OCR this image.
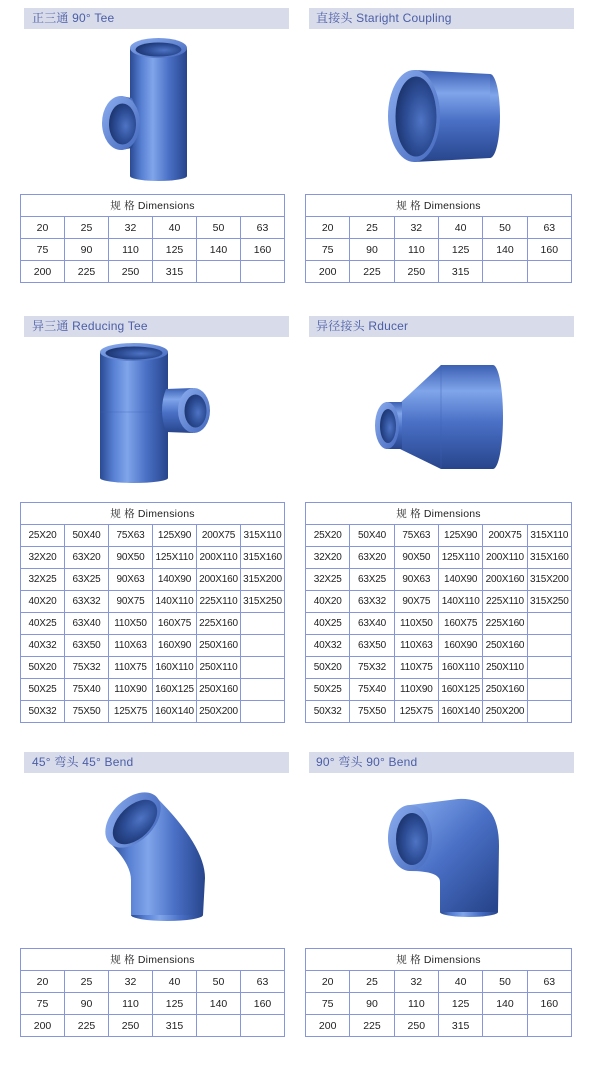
正三通 90° Tee
规 格 Dimensions					
20	25	32	40	50	63
75	90	110	125	140	160
200	225	250	315		
直接头 Staright Coupling
规 格 Dimensions					
20	25	32	40	50	63
75	90	110	125	140	160
200	225	250	315		
异三通 Reducing Tee
规 格 Dimensions					
25X20	50X40	75X63	125X90	200X75	315X110
32X20	63X20	90X50	125X110	200X110	315X160
32X25	63X25	90X63	140X90	200X160	315X200
40X20	63X32	90X75	140X110	225X110	315X250
40X25	63X40	110X50	160X75	225X160	
40X32	63X50	110X63	160X90	250X160	
50X20	75X32	110X75	160X110	250X110	
50X25	75X40	110X90	160X125	250X160	
50X32	75X50	125X75	160X140	250X200	
异径接头 Rducer
规 格 Dimensions					
25X20	50X40	75X63	125X90	200X75	315X110
32X20	63X20	90X50	125X110	200X110	315X160
32X25	63X25	90X63	140X90	200X160	315X200
40X20	63X32	90X75	140X110	225X110	315X250
40X25	63X40	110X50	160X75	225X160	
40X32	63X50	110X63	160X90	250X160	
50X20	75X32	110X75	160X110	250X110	
50X25	75X40	110X90	160X125	250X160	
50X32	75X50	125X75	160X140	250X200	
45° 弯头 45° Bend
规 格 Dimensions					
20	25	32	40	50	63
75	90	110	125	140	160
200	225	250	315		
90° 弯头 90° Bend
规 格 Dimensions					
20	25	32	40	50	63
75	90	110	125	140	160
200	225	250	315		
